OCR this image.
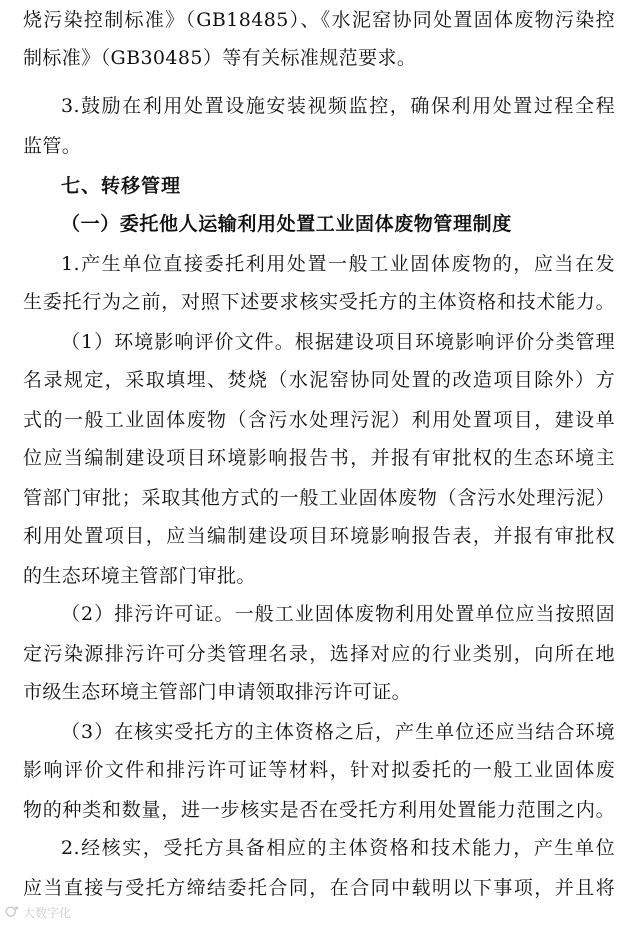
烧污染控制标准》（GB18485）、《水泥窑协同处置固体废物污染控
制标准》（GB30485）等有关标准规范要求。
3.鼓励在利用处置设施安装视频监控，确保利用处置过程全程
监管。
七、转移管理
（一）委托他人运输利用处置工业固体废物管理制度
1.产生单位直接委托利用处置一般工业固体废物的，应当在发
生委托行为之前，对照下述要求核实受托方的主体资格和技术能力。
（1）环境影响评价文件。根据建设项目环境影响评价分类管理
名录规定，采取填埋、焚烧（水泥窑协同处置的改造项目除外）方
式的一般工业固体废物（含污水处理污泥）利用处置项目，建设单
位应当编制建设项目环境影响报告书，并报有审批权的生态环境主
管部门审批；采取其他方式的一般工业固体废物（含污水处理污泥）
利用处置项目，应当编制建设项目环境影响报告表，并报有审批权
的生态环境主管部门审批。
（2）排污许可证。一般工业固体废物利用处置单位应当按照固
定污染源排污许可分类管理名录，选择对应的行业类别，向所在地
市级生态环境主管部门申请领取排污许可证。
（3）在核实受托方的主体资格之后，产生单位还应当结合环境
影响评价文件和排污许可证等材料，针对拟委托的一般工业固体废
物的种类和数量，进一步核实是否在受托方利用处置能力范围之内。
2.经核实，受托方具备相应的主体资格和技术能力，产生单位
应当直接与受托方缔结委托合同，在合同中载明以下事项，并且将
大数字化
